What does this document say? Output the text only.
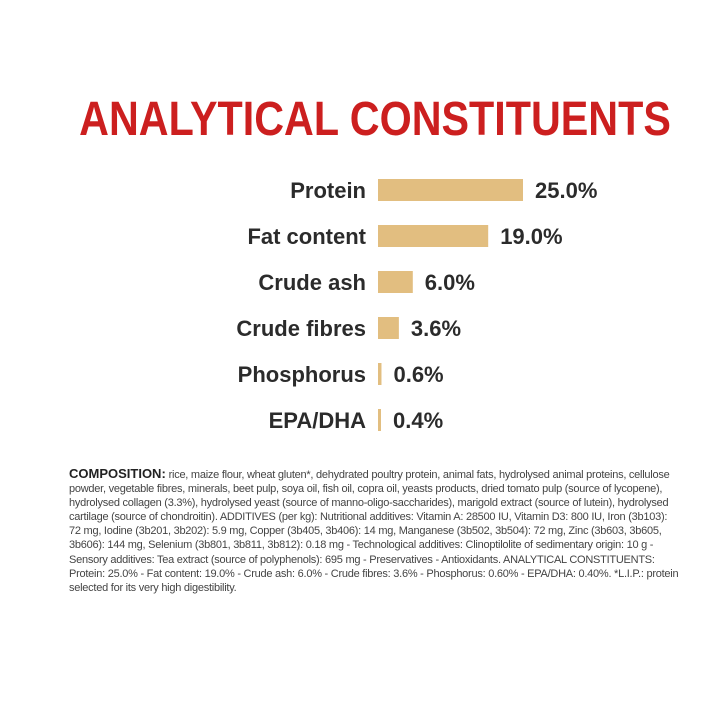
ANALYTICAL CONSTITUENTS
Protein	25.0%
Fat content	19.0%
Crude ash	6.0%
Crude fibres 3.6%
Phosphorus 0.6%
EPA/DHA 0.4%
COMPOSITION: rice, maize flour, wheat gluten*, dehydrated poultry protein, animal fats, hydrolysed animal proteins, cellulose powder, vegetable fibres, minerals, beet pulp, soya oil, fish oil, copra oil, yeasts products, dried tomato pulp (source of lycopene), hydrolysed collagen (3.3%), hydrolysed yeast (source of manno-oligo-saccharides), marigold extract (source of lutein), hydrolysed cartilage (source of chondroitin). ADDITIVES (per kg): Nutritional additives: Vitamin A: 28500 IU, Vitamin D3: 800 IU, Iron (3b103): 72 mg, Iodine (3b201, 3b202): 5.9 mg, Copper (3b405, 3b406): 14 mg, Manganese (3b502, 3b504): 72 mg, Zinc (3b603, 3b605, 3b606): 144 mg, Selenium (3b801, 3b811, 3b812): 0.18 mg - Technological additives: Clinoptilolite of sedimentary origin: 10 g - Sensory additives: Tea extract (source of polyphenols): 695 mg - Preservatives - Antioxidants. ANALYTICAL CONSTITUENTS: Protein: 25.0% - Fat content: 19.0% - Crude ash: 6.0% - Crude fibres: 3.6% - Phosphorus: 0.60% - EPA/DHA: 0.40%. *L.I.P.: protein selected for its very high digestibility.
